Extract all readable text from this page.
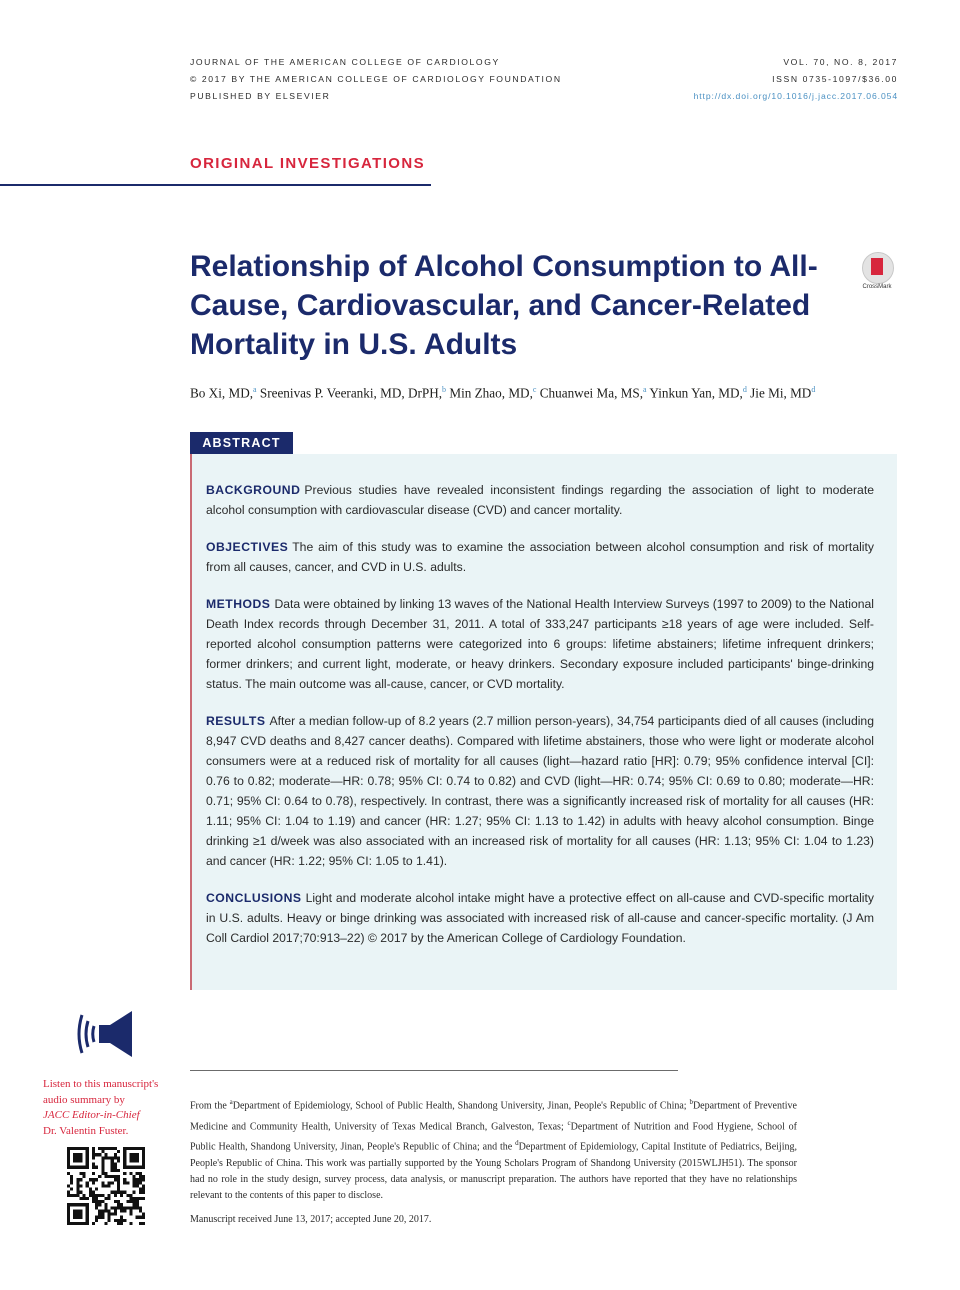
JOURNAL OF THE AMERICAN COLLEGE OF CARDIOLOGY
© 2017 BY THE AMERICAN COLLEGE OF CARDIOLOGY FOUNDATION
PUBLISHED BY ELSEVIER
VOL. 70, NO. 8, 2017
ISSN 0735-1097/$36.00
http://dx.doi.org/10.1016/j.jacc.2017.06.054
ORIGINAL INVESTIGATIONS
Relationship of Alcohol Consumption to All-Cause, Cardiovascular, and Cancer-Related Mortality in U.S. Adults
CrossMark
Bo Xi, MD,$^a$ Sreenivas P. Veeranki, MD, DrPH,$^b$ Min Zhao, MD,$^c$ Chuanwei Ma, MS,$^a$ Yinkun Yan, MD,$^d$ Jie Mi, $MD^d$
ABSTRACT

BACKGROUND Previous studies have revealed inconsistent findings regarding the association of light to moderate alcohol consumption with cardiovascular disease (CVD) and cancer mortality.

OBJECTIVES The aim of this study was to examine the association between alcohol consumption and risk of mortality from all causes, cancer, and CVD in U.S. adults.

METHODS Data were obtained by linking 13 waves of the National Health Interview Surveys (1997 to 2009) to the National Death Index records through December 31, 2011. A total of 333,247 participants ≥18 years of age were included. Self-reported alcohol consumption patterns were categorized into 6 groups: lifetime abstainers; lifetime infrequent drinkers; former drinkers; and current light, moderate, or heavy drinkers. Secondary exposure included participants' binge-drinking status. The main outcome was all-cause, cancer, or CVD mortality.

RESULTS After a median follow-up of 8.2 years (2.7 million person-years), 34,754 participants died of all causes (including 8,947 CVD deaths and 8,427 cancer deaths). Compared with lifetime abstainers, those who were light or moderate alcohol consumers were at a reduced risk of mortality for all causes (light—hazard ratio [HR]: 0.79; 95% confidence interval [CI]: 0.76 to 0.82; moderate—HR: 0.78; 95% CI: 0.74 to 0.82) and CVD (light—HR: 0.74; 95% CI: 0.69 to 0.80; moderate—HR: 0.71; 95% CI: 0.64 to 0.78), respectively. In contrast, there was a significantly increased risk of mortality for all causes (HR: 1.11; 95% CI: 1.04 to 1.19) and cancer (HR: 1.27; 95% CI: 1.13 to 1.42) in adults with heavy alcohol consumption. Binge drinking ≥1 d/week was also associated with an increased risk of mortality for all causes (HR: 1.13; 95% CI: 1.04 to 1.23) and cancer (HR: 1.22; 95% CI: 1.05 to 1.41).

CONCLUSIONS Light and moderate alcohol intake might have a protective effect on all-cause and CVD-specific mortality in U.S. adults. Heavy or binge drinking was associated with increased risk of all-cause and cancer-specific mortality. (J Am Coll Cardiol 2017;70:913–22) © 2017 by the American College of Cardiology Foundation.

Listen to this manuscript's audio summary by
JACC Editor-in-Chief
Dr. Valentin Fuster.
From the $^a$Department of Epidemiology, School of Public Health, Shandong University, Jinan, People's Republic of China; $^b$Department of Preventive Medicine and Community Health, University of Texas Medical Branch, Galveston, Texas; $^c$Department of Nutrition and Food Hygiene, School of Public Health, Shandong University, Jinan, People's Republic of China; and the $^d$Department of Epidemiology, Capital Institute of Pediatrics, Beijing, People's Republic of China. This work was partially supported by the Young Scholars Program of Shandong University (2015WLJH51). The sponsor had no role in the study design, survey process, data analysis, or manuscript preparation. The authors have reported that they have no relationships relevant to the contents of this paper to disclose.
Manuscript received June 13, 2017; accepted June 20, 2017.
